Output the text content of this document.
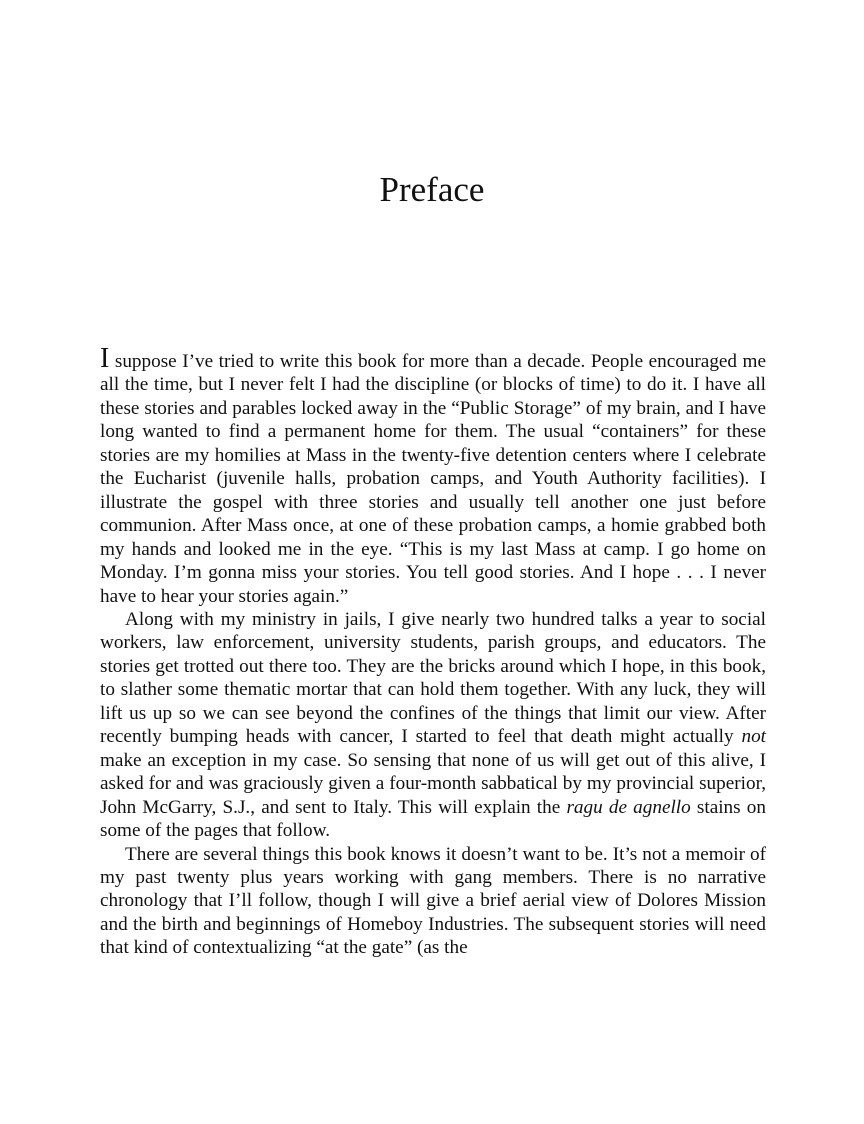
Preface

I suppose I’ve tried to write this book for more than a decade. People encouraged me all the time, but I never felt I had the discipline (or blocks of time) to do it. I have all these stories and parables locked away in the “Public Storage” of my brain, and I have long wanted to find a permanent home for them. The usual “containers” for these stories are my homilies at Mass in the twenty-five detention centers where I celebrate the Eucharist (juvenile halls, probation camps, and Youth Authority facilities). I illustrate the gospel with three stories and usually tell another one just before communion. After Mass once, at one of these probation camps, a homie grabbed both my hands and looked me in the eye. “This is my last Mass at camp. I go home on Monday. I’m gonna miss your stories. You tell good stories. And I hope . . . I never have to hear your stories again.”

Along with my ministry in jails, I give nearly two hundred talks a year to social workers, law enforcement, university students, parish groups, and educators. The stories get trotted out there too. They are the bricks around which I hope, in this book, to slather some thematic mortar that can hold them together. With any luck, they will lift us up so we can see beyond the confines of the things that limit our view. After recently bumping heads with cancer, I started to feel that death might actually not make an exception in my case. So sensing that none of us will get out of this alive, I asked for and was graciously given a four-month sabbatical by my provincial superior, John McGarry, S.J., and sent to Italy. This will explain the ragu de agnello stains on some of the pages that follow.

There are several things this book knows it doesn’t want to be. It’s not a memoir of my past twenty plus years working with gang members. There is no narrative chronology that I’ll follow, though I will give a brief aerial view of Dolores Mission and the birth and beginnings of Homeboy Industries. The subsequent stories will need that kind of contextualizing “at the gate” (as the
